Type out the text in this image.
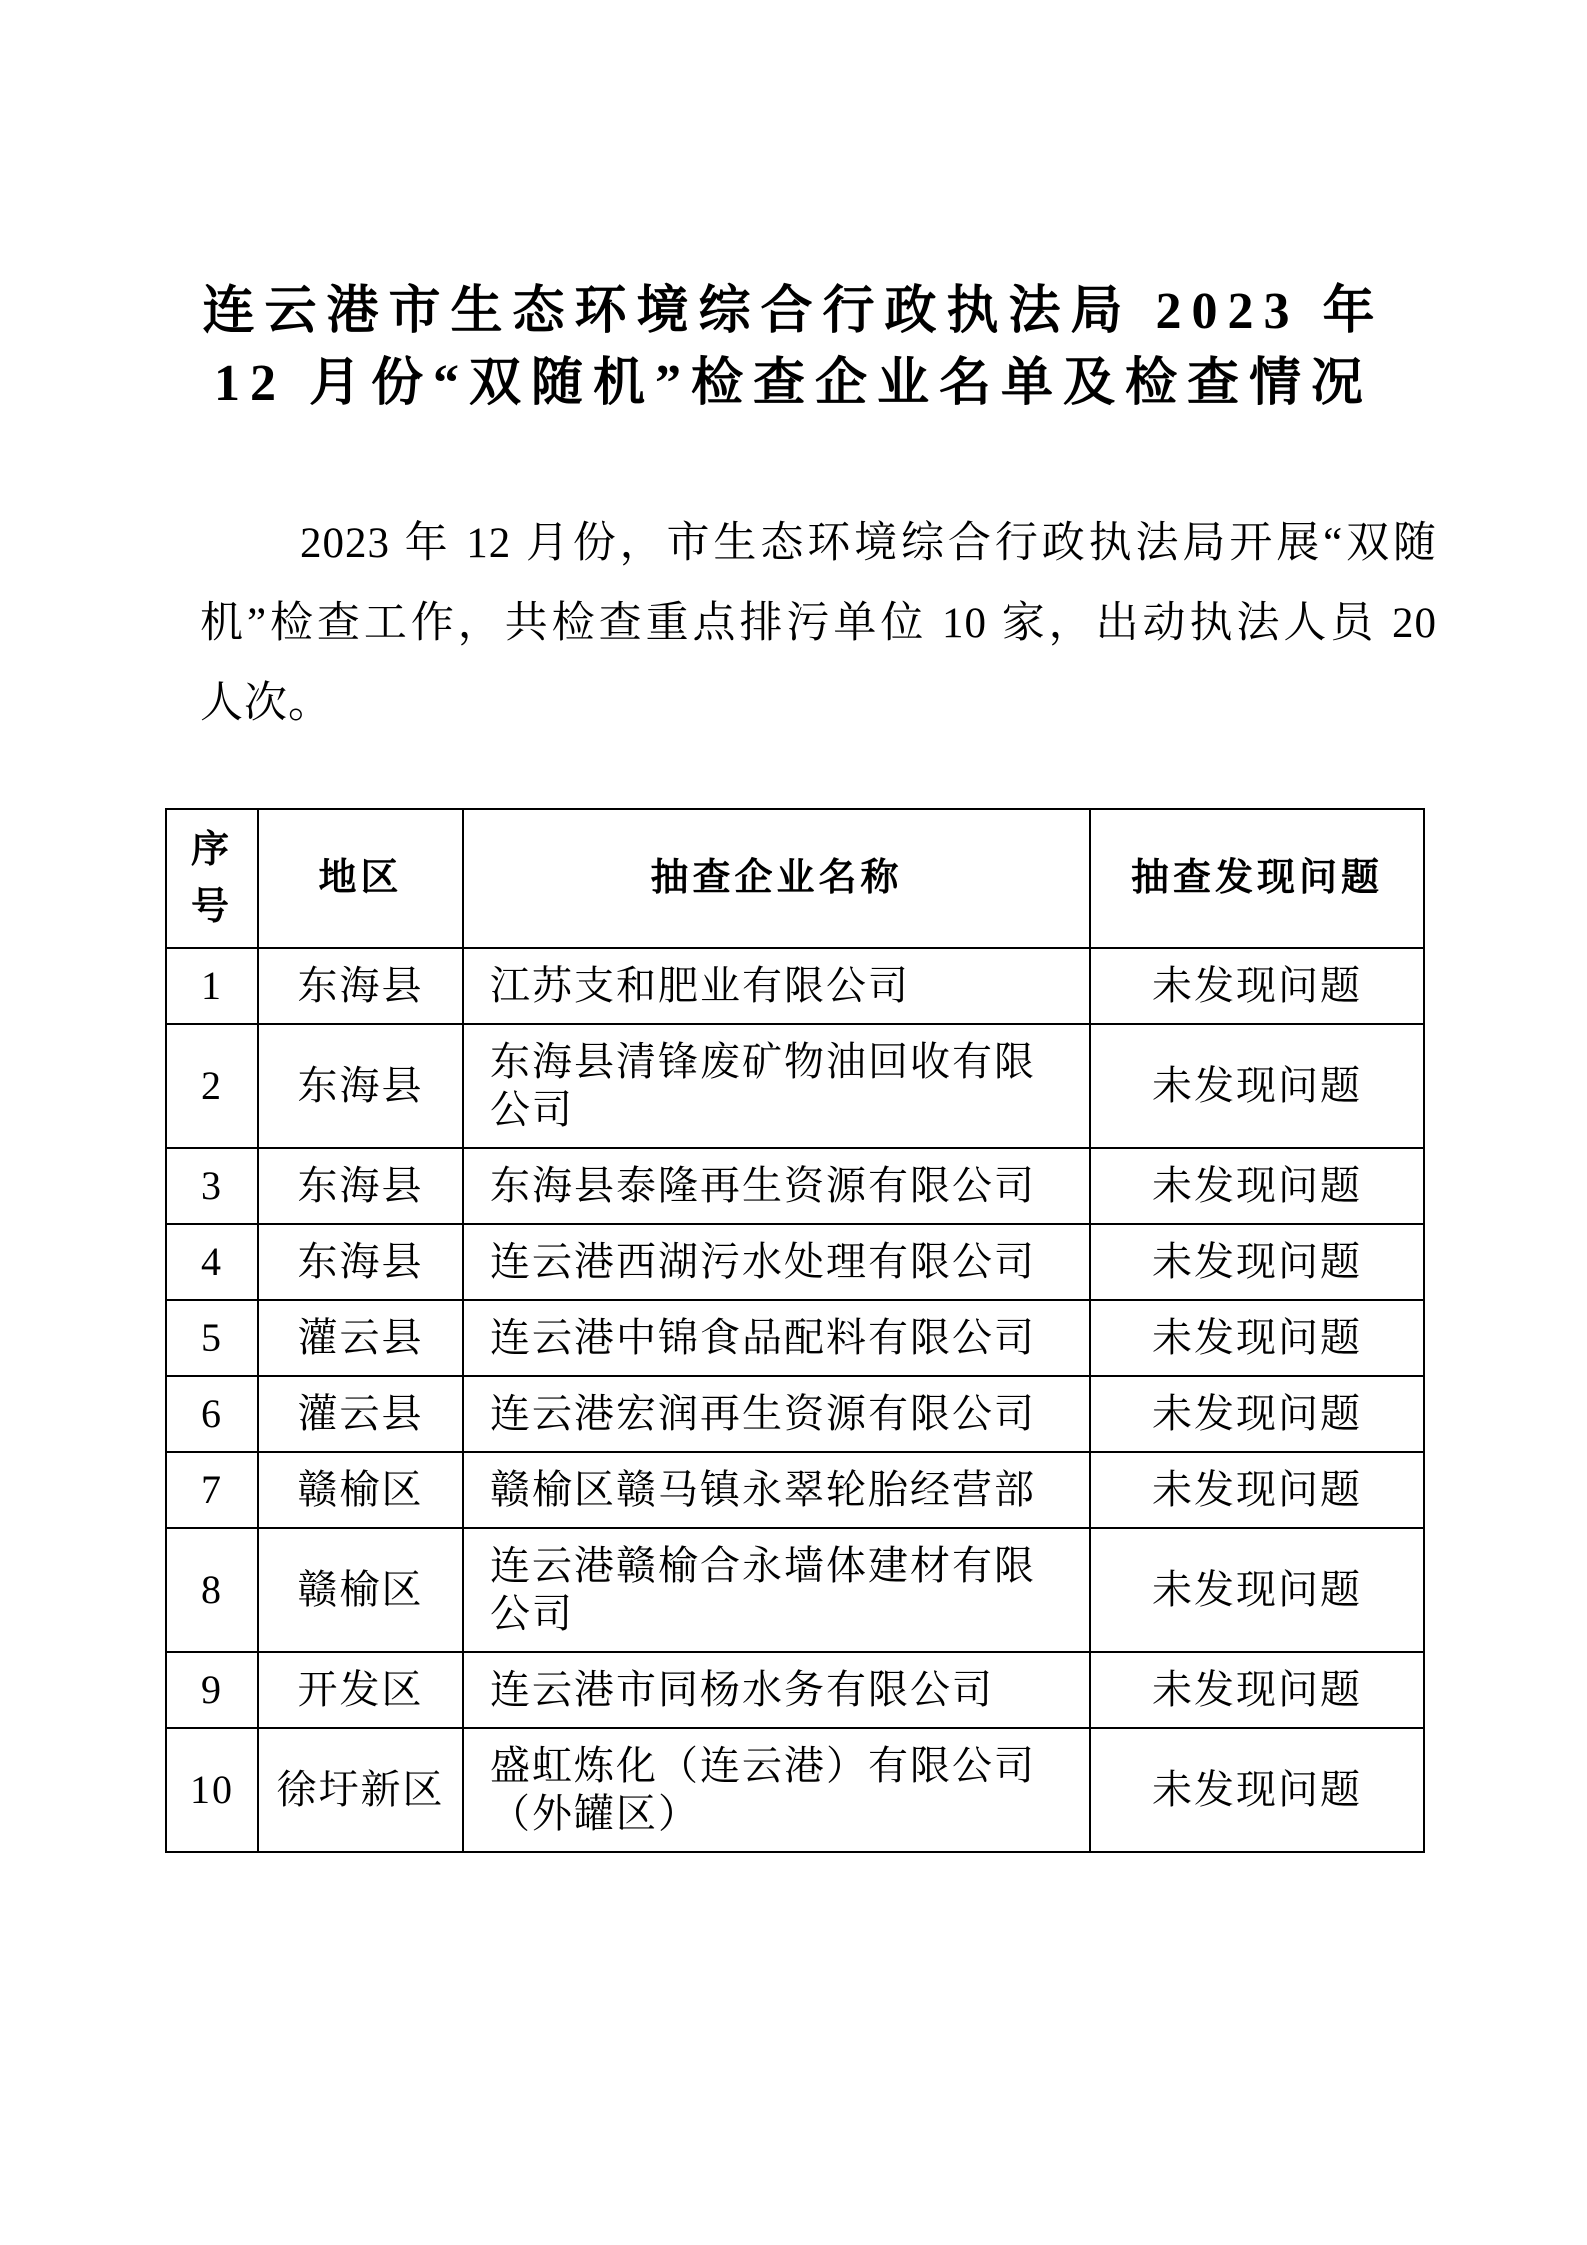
连云港市生态环境综合行政执法局 2023 年
12 月份“双随机”检查企业名单及检查情况
2023 年 12 月份，市生态环境综合行政执法局开展“双随
机”检查工作，共检查重点排污单位 10 家，出动执法人员 20
人次。
序号	地区	抽查企业名称	抽查发现问题
1	东海县	江苏支和肥业有限公司	未发现问题
2	东海县	东海县清锋废矿物油回收有限公司	未发现问题
3	东海县	东海县泰隆再生资源有限公司	未发现问题
4	东海县	连云港西湖污水处理有限公司	未发现问题
5	灌云县	连云港中锦食品配料有限公司	未发现问题
6	灌云县	连云港宏润再生资源有限公司	未发现问题
7	赣榆区	赣榆区赣马镇永翠轮胎经营部	未发现问题
8	赣榆区	连云港赣榆合永墙体建材有限公司	未发现问题
9	开发区	连云港市同杨水务有限公司	未发现问题
10	徐圩新区	盛虹炼化（连云港）有限公司（外罐区）	未发现问题
